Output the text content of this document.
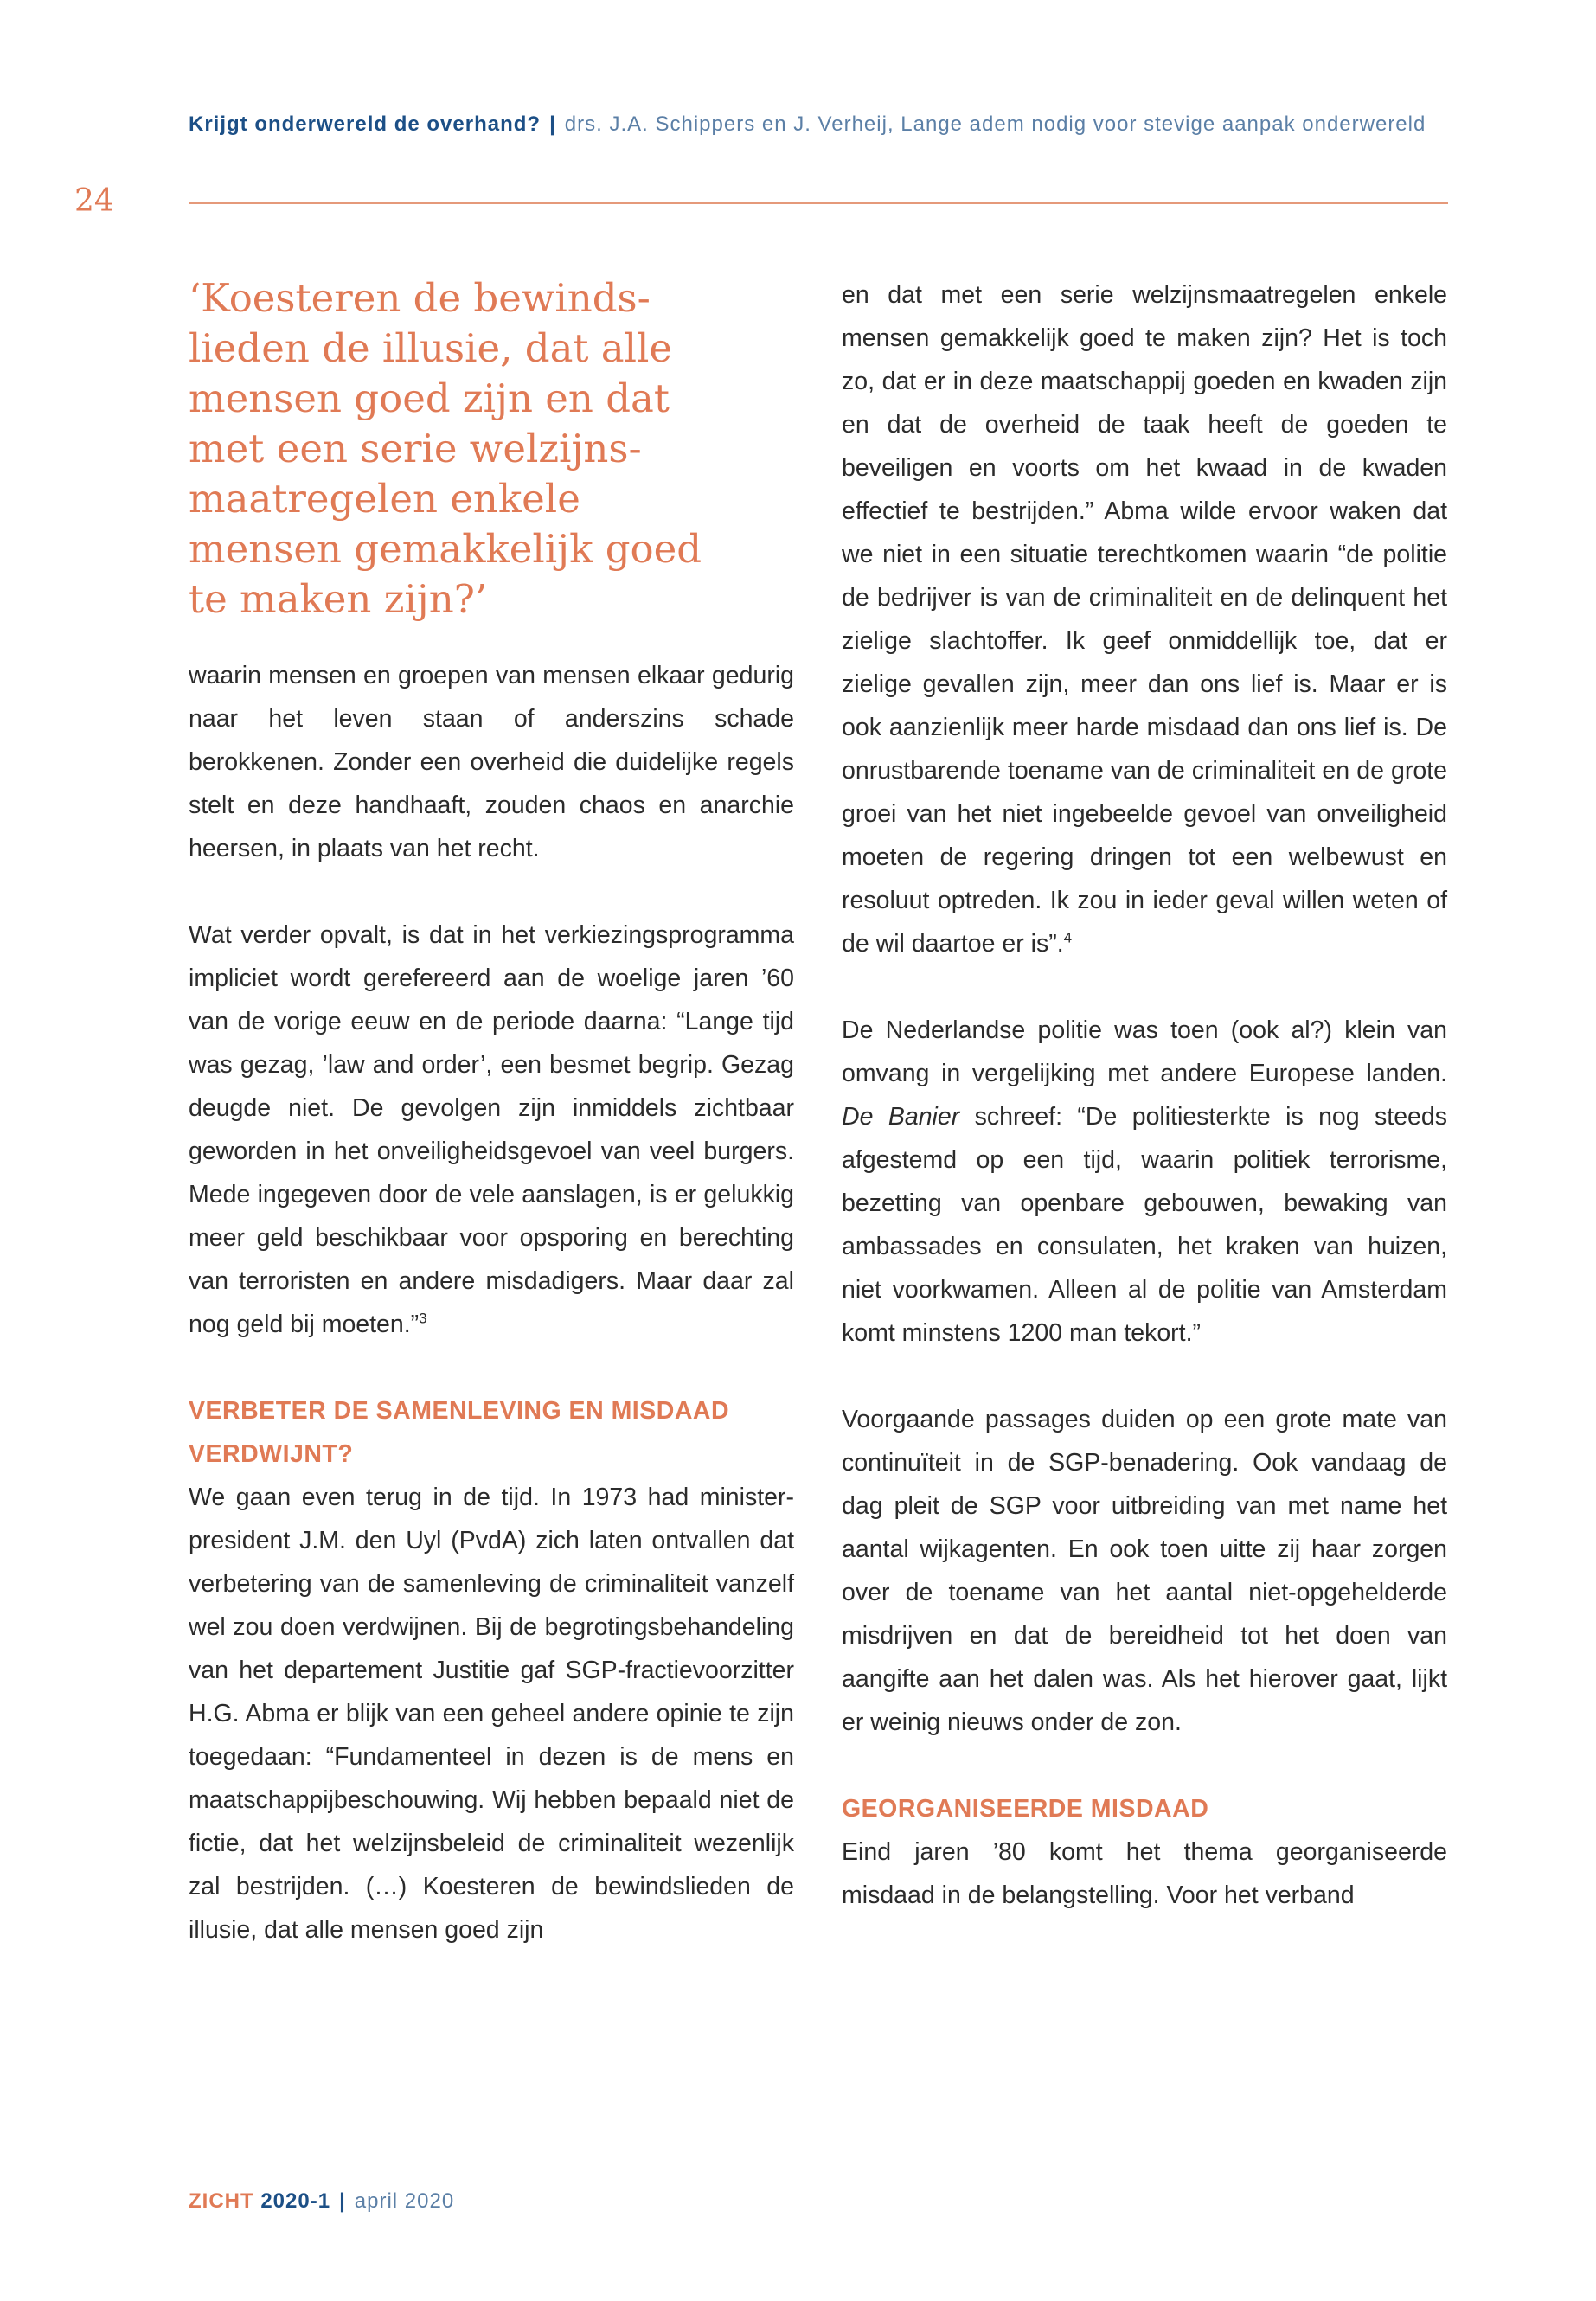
Krijgt onderwereld de overhand? | drs. J.A. Schippers en J. Verheij, Lange adem nodig voor stevige aanpak onderwereld
24
‘Koesteren de bewinds-lieden de illusie, dat alle mensen goed zijn en dat met een serie welzijns-maatregelen enkele mensen gemakkelijk goed te maken zijn?’

waarin mensen en groepen van mensen elkaar gedurig naar het leven staan of anderszins schade berokkenen. Zonder een overheid die duidelijke regels stelt en deze handhaaft, zouden chaos en anarchie heersen, in plaats van het recht.

Wat verder opvalt, is dat in het verkiezingsprogramma impliciet wordt gerefereerd aan de woelige jaren ’60 van de vorige eeuw en de periode daarna: “Lange tijd was gezag, ’law and order’, een besmet begrip. Gezag deugde niet. De gevolgen zijn inmiddels zichtbaar geworden in het onveiligheidsgevoel van veel burgers. Mede ingegeven door de vele aanslagen, is er gelukkig meer geld beschikbaar voor opsporing en berechting van terroristen en andere misdadigers. Maar daar zal nog geld bij moeten.”$^3$

VERBETER DE SAMENLEVING EN MISDAAD VERDWIJNT?

We gaan even terug in de tijd. In 1973 had minister-president J.M. den Uyl (PvdA) zich laten ontvallen dat verbetering van de samenleving de criminaliteit vanzelf wel zou doen verdwijnen. Bij de begrotingsbehandeling van het departement Justitie gaf SGP-fractievoorzitter H.G. Abma er blijk van een geheel andere opinie te zijn toegedaan: “Fundamenteel in dezen is de mens en maatschappijbeschouwing. Wij hebben bepaald niet de fictie, dat het welzijnsbeleid de criminaliteit wezenlijk zal bestrijden. (…) Koesteren de bewindslieden de illusie, dat alle mensen goed zijn

en dat met een serie welzijnsmaatregelen enkele mensen gemakkelijk goed te maken zijn? Het is toch zo, dat er in deze maatschappij goeden en kwaden zijn en dat de overheid de taak heeft de goeden te beveiligen en voorts om het kwaad in de kwaden effectief te bestrijden.” Abma wilde ervoor waken dat we niet in een situatie terechtkomen waarin “de politie de bedrijver is van de criminaliteit en de delinquent het zielige slachtoffer. Ik geef onmiddellijk toe, dat er zielige gevallen zijn, meer dan ons lief is. Maar er is ook aanzienlijk meer harde misdaad dan ons lief is. De onrustbarende toename van de criminaliteit en de grote groei van het niet ingebeelde gevoel van onveiligheid moeten de regering dringen tot een welbewust en resoluut optreden. Ik zou in ieder geval willen weten of de wil daartoe er is”.$^4$

De Nederlandse politie was toen (ook al?) klein van omvang in vergelijking met andere Europese landen. De Banier schreef: “De politiesterkte is nog steeds afgestemd op een tijd, waarin politiek terrorisme, bezetting van openbare gebouwen, bewaking van ambassades en consulaten, het kraken van huizen, niet voorkwamen. Alleen al de politie van Amsterdam komt minstens 1200 man tekort.”

Voorgaande passages duiden op een grote mate van continuïteit in de SGP-benadering. Ook vandaag de dag pleit de SGP voor uitbreiding van met name het aantal wijkagenten. En ook toen uitte zij haar zorgen over de toename van het aantal niet-opgehelderde misdrijven en dat de bereidheid tot het doen van aangifte aan het dalen was. Als het hierover gaat, lijkt er weinig nieuws onder de zon.

GEORGANISEERDE MISDAAD

Eind jaren ’80 komt het thema georganiseerde misdaad in de belangstelling. Voor het verband

ZICHT 2020-1 | april 2020
